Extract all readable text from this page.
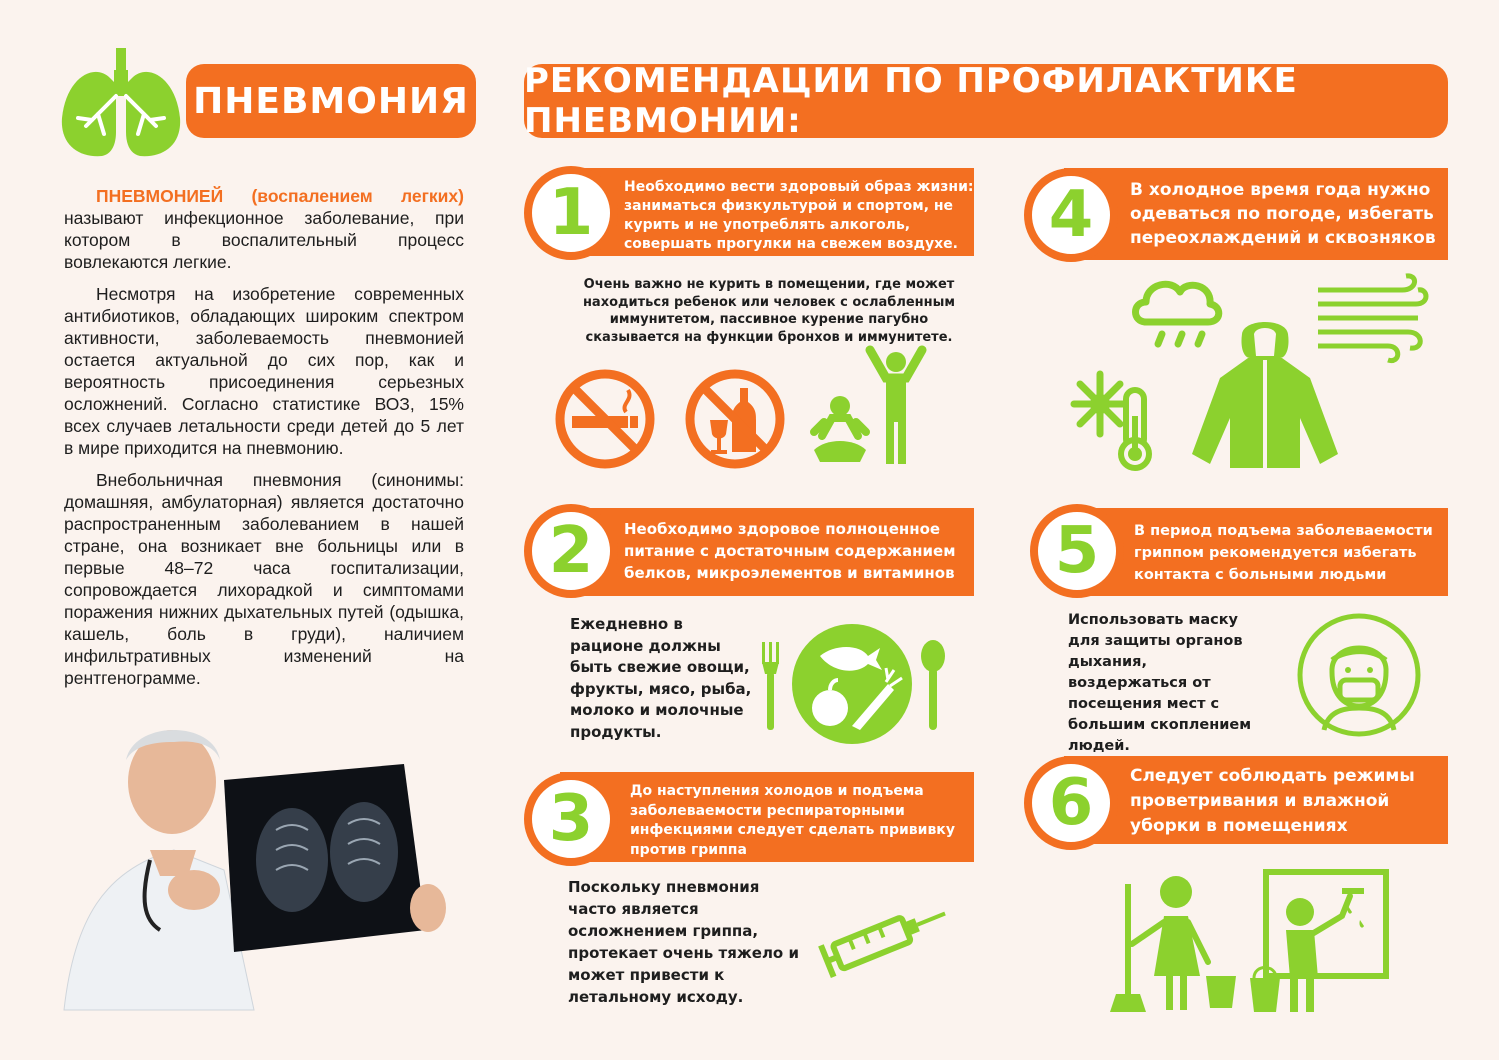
ПНЕВМОНИЯ

ПНЕВМОНИЕЙ (воспалением легких) называют инфекционное заболевание, при котором в воспалительный процесс вовлекаются легкие.

Несмотря на изобретение современных антибиотиков, обладающих широким спектром активности, заболеваемость пневмонией остается актуальной до сих пор, как и вероятность присоединения серьезных осложнений. Согласно статистике ВОЗ, 15% всех случаев летальности среди детей до 5 лет в мире приходится на пневмонию.

Внебольничная пневмония (синонимы: домашняя, амбулаторная) является достаточно распространенным заболеванием в нашей стране, она возникает вне больницы или в первые 48–72 часа госпитализации, сопровождается лихорадкой и симптомами поражения нижних дыхательных путей (одышка, кашель, боль в груди), наличием инфильтративных изменений на рентгенограмме.

РЕКОМЕНДАЦИИ ПО ПРОФИЛАКТИКЕ ПНЕВМОНИИ:
Необходимо вести здоровый образ жизни: заниматься физкультурой и спортом, не курить и не употреблять алкоголь, совершать прогулки на свежем воздухе.
1
Очень важно не курить в помещении, где может находиться ребенок или человек с ослабленным иммунитетом, пассивное курение пагубно сказывается на функции бронхов и иммунитете.
Необходимо здоровое полноценное питание с достаточным содержанием белков, микроэлементов и витаминов
2
Ежедневно в рационе должны быть свежие овощи, фрукты, мясо, рыба, молоко и молочные продукты.
До наступления холодов и подъема заболеваемости респираторными инфекциями следует сделать прививку против гриппа
3
Поскольку пневмония часто является осложнением гриппа, протекает очень тяжело и может привести к летальному исходу.
В холодное время года нужно одеваться по погоде, избегать переохлаждений и сквозняков
4
В период подъема заболеваемости гриппом рекомендуется избегать контакта с больными людьми
5
Использовать маску для защиты органов дыхания, воздержаться от посещения мест с большим скоплением людей.
Следует соблюдать режимы проветривания и влажной уборки в помещениях
6
